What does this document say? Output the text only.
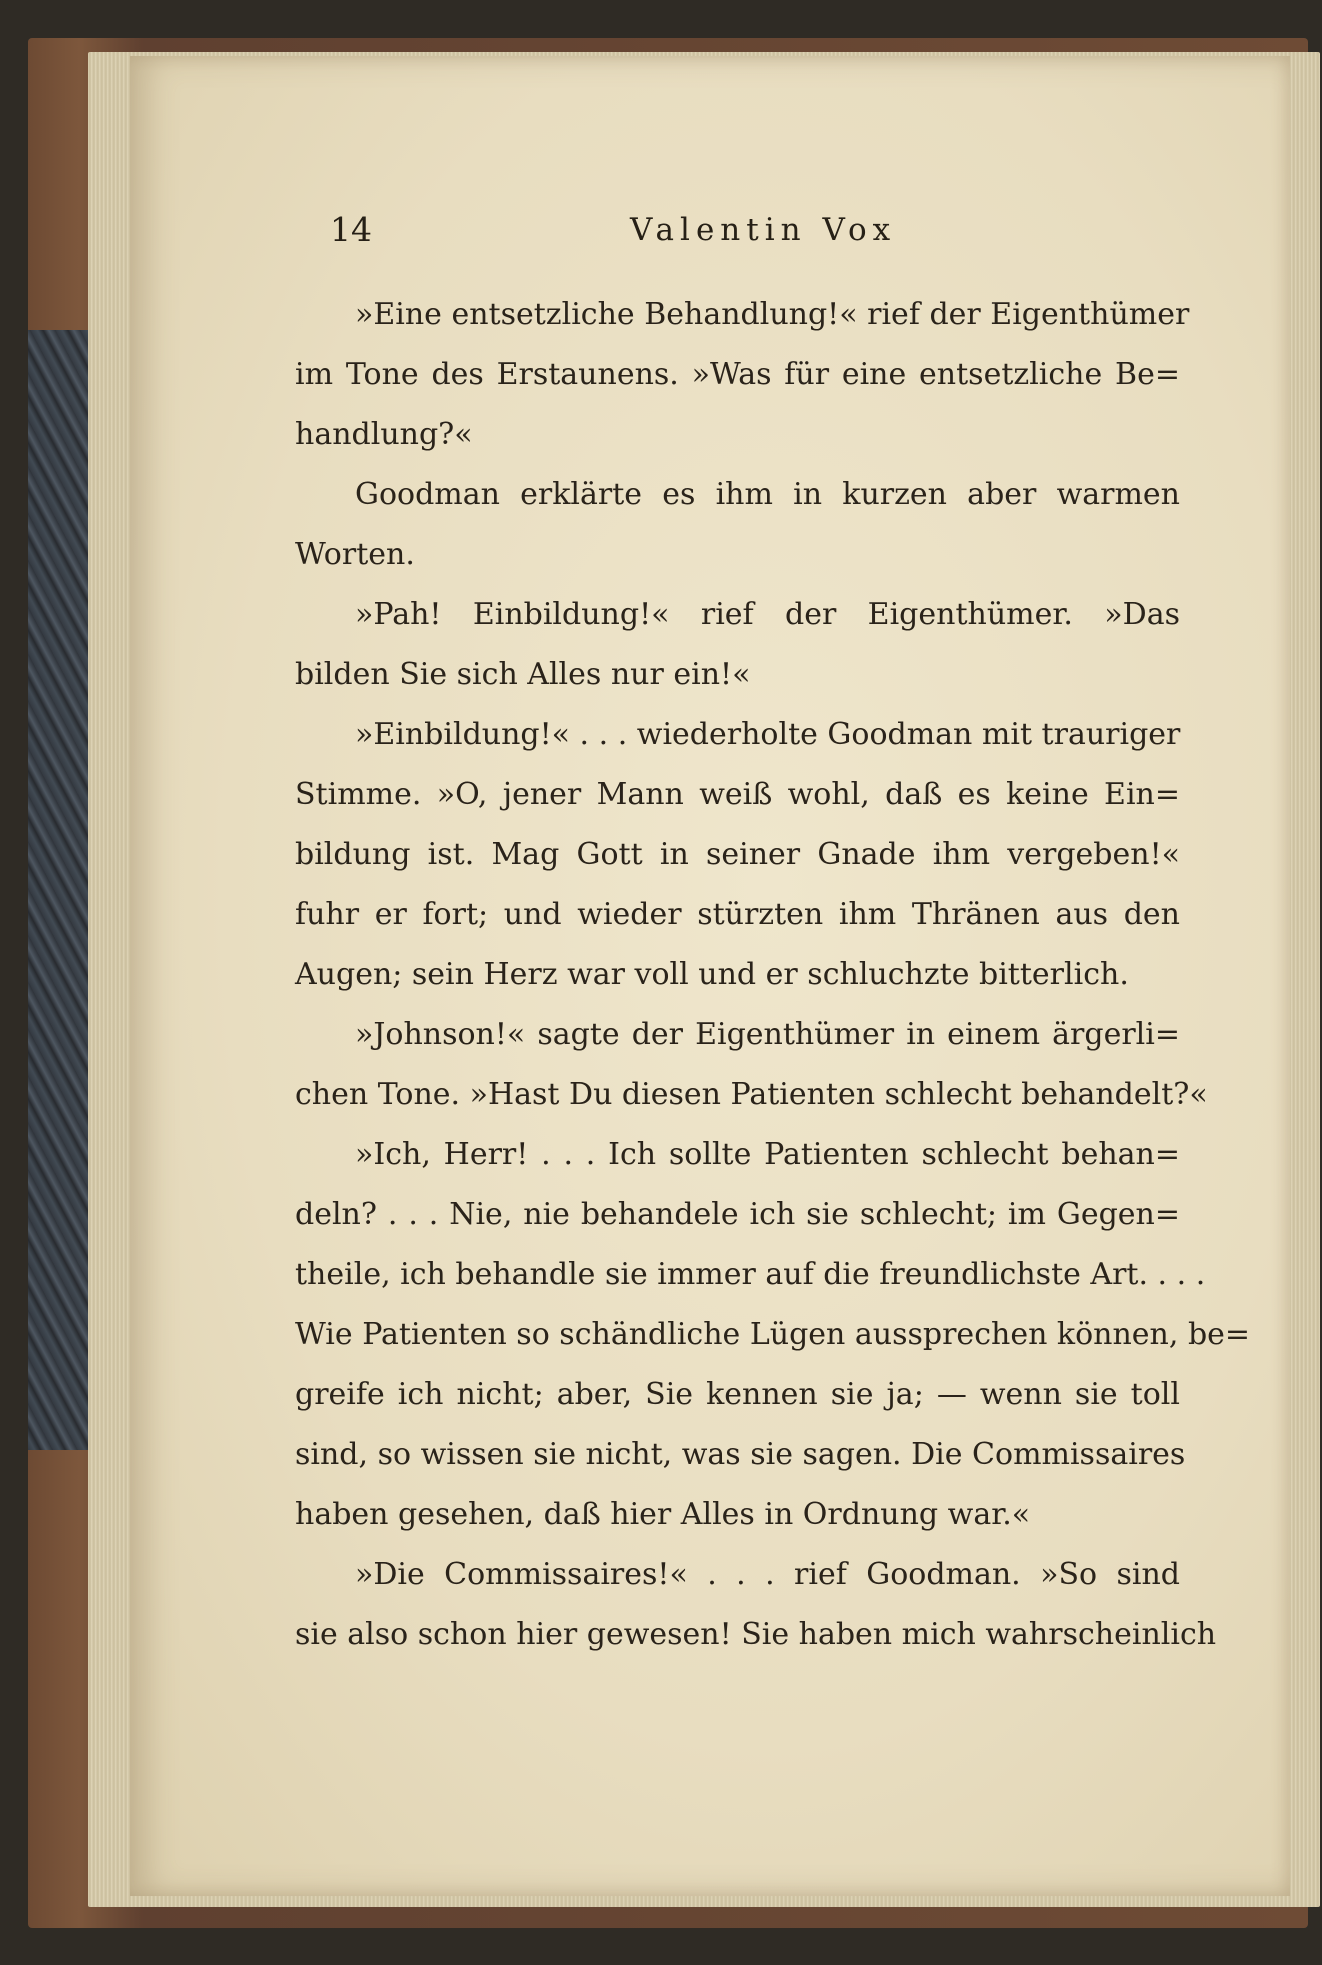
14	Valentin Vox
»Eine entsetzliche Behandlung!« rief der Eigenthümer
im Tone des Erstaunens. »Was für eine entsetzliche Be=
handlung?«
Goodman erklärte es ihm in kurzen aber warmen
Worten.
»Pah! Einbildung!« rief der Eigenthümer. »Das
bilden Sie sich Alles nur ein!«
»Einbildung!« . . . wiederholte Goodman mit trauriger
Stimme. »O, jener Mann weiß wohl, daß es keine Ein=
bildung ist. Mag Gott in seiner Gnade ihm vergeben!«
fuhr er fort; und wieder stürzten ihm Thränen aus den
Augen; sein Herz war voll und er schluchzte bitterlich.
»Johnson!« sagte der Eigenthümer in einem ärgerli=
chen Tone. »Hast Du diesen Patienten schlecht behandelt?«
»Ich, Herr! . . . Ich sollte Patienten schlecht behan=
deln? . . . Nie, nie behandele ich sie schlecht; im Gegen=
theile, ich behandle sie immer auf die freundlichste Art. . . .
Wie Patienten so schändliche Lügen aussprechen können, be=
greife ich nicht; aber, Sie kennen sie ja; — wenn sie toll
sind, so wissen sie nicht, was sie sagen. Die Commissaires
haben gesehen, daß hier Alles in Ordnung war.«
»Die Commissaires!« . . . rief Goodman. »So sind
sie also schon hier gewesen! Sie haben mich wahrscheinlich
